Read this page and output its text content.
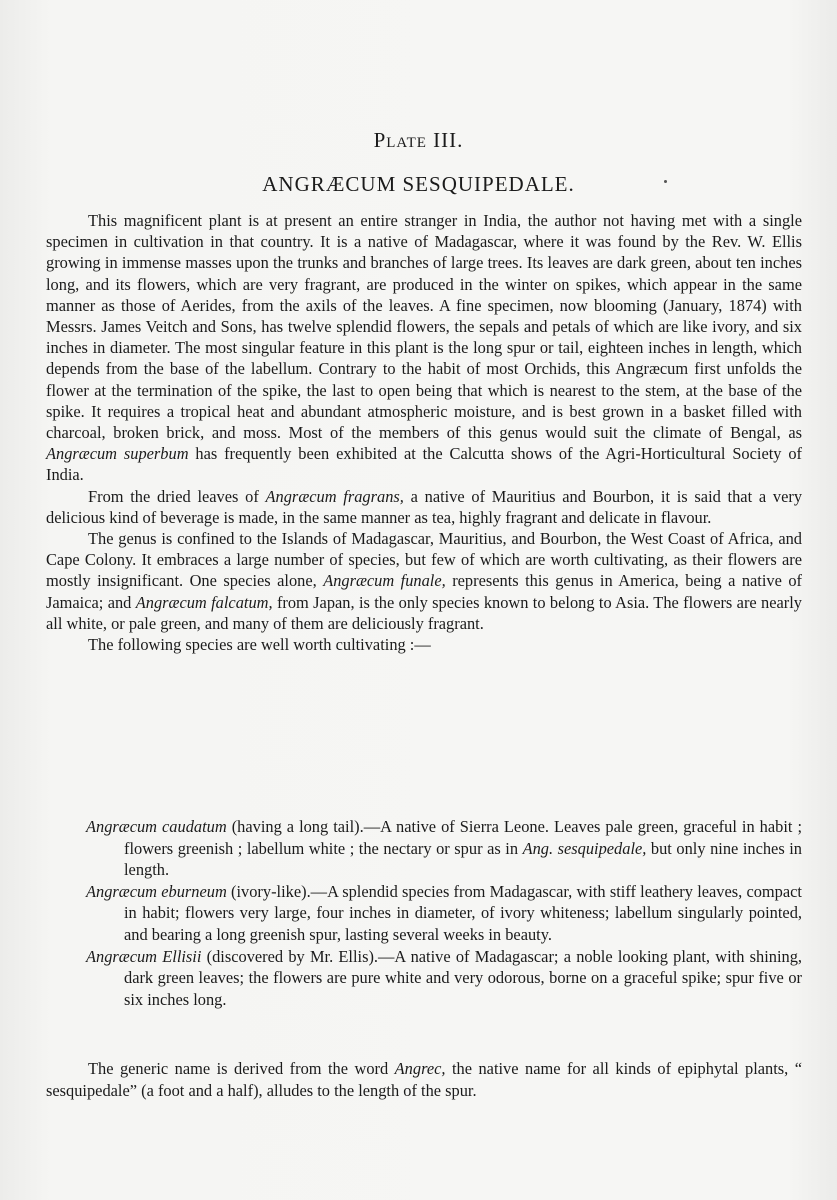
Plate III.
ANGRÆCUM SESQUIPEDALE.

This magnificent plant is at present an entire stranger in India, the author not having met with a single specimen in cultivation in that country. It is a native of Madagascar, where it was found by the Rev. W. Ellis growing in immense masses upon the trunks and branches of large trees. Its leaves are dark green, about ten inches long, and its flowers, which are very fragrant, are produced in the winter on spikes, which appear in the same manner as those of Aerides, from the axils of the leaves. A fine specimen, now blooming (January, 1874) with Messrs. James Veitch and Sons, has twelve splendid flowers, the sepals and petals of which are like ivory, and six inches in diameter. The most singular feature in this plant is the long spur or tail, eighteen inches in length, which depends from the base of the labellum. Contrary to the habit of most Orchids, this Angræcum first unfolds the flower at the termination of the spike, the last to open being that which is nearest to the stem, at the base of the spike. It requires a tropical heat and abundant atmospheric moisture, and is best grown in a basket filled with charcoal, broken brick, and moss. Most of the members of this genus would suit the climate of Bengal, as Angræcum superbum has frequently been exhibited at the Calcutta shows of the Agri-Horticultural Society of India.

From the dried leaves of Angræcum fragrans, a native of Mauritius and Bourbon, it is said that a very delicious kind of beverage is made, in the same manner as tea, highly fragrant and delicate in flavour.

The genus is confined to the Islands of Madagascar, Mauritius, and Bourbon, the West Coast of Africa, and Cape Colony. It embraces a large number of species, but few of which are worth cultivating, as their flowers are mostly insignificant. One species alone, Angræcum funale, represents this genus in America, being a native of Jamaica; and Angræcum falcatum, from Japan, is the only species known to belong to Asia. The flowers are nearly all white, or pale green, and many of them are deliciously fragrant.

The following species are well worth cultivating :—

Angræcum caudatum (having a long tail).—A native of Sierra Leone. Leaves pale green, graceful in habit ; flowers greenish ; labellum white ; the nectary or spur as in Ang. sesquipedale, but only nine inches in length.

Angræcum eburneum (ivory-like).—A splendid species from Madagascar, with stiff leathery leaves, compact in habit; flowers very large, four inches in diameter, of ivory whiteness; labellum singularly pointed, and bearing a long greenish spur, lasting several weeks in beauty.

Angræcum Ellisii (discovered by Mr. Ellis).—A native of Madagascar; a noble looking plant, with shining, dark green leaves; the flowers are pure white and very odorous, borne on a graceful spike; spur five or six inches long.

The generic name is derived from the word Angrec, the native name for all kinds of epiphytal plants, “ sesquipedale” (a foot and a half), alludes to the length of the spur.
